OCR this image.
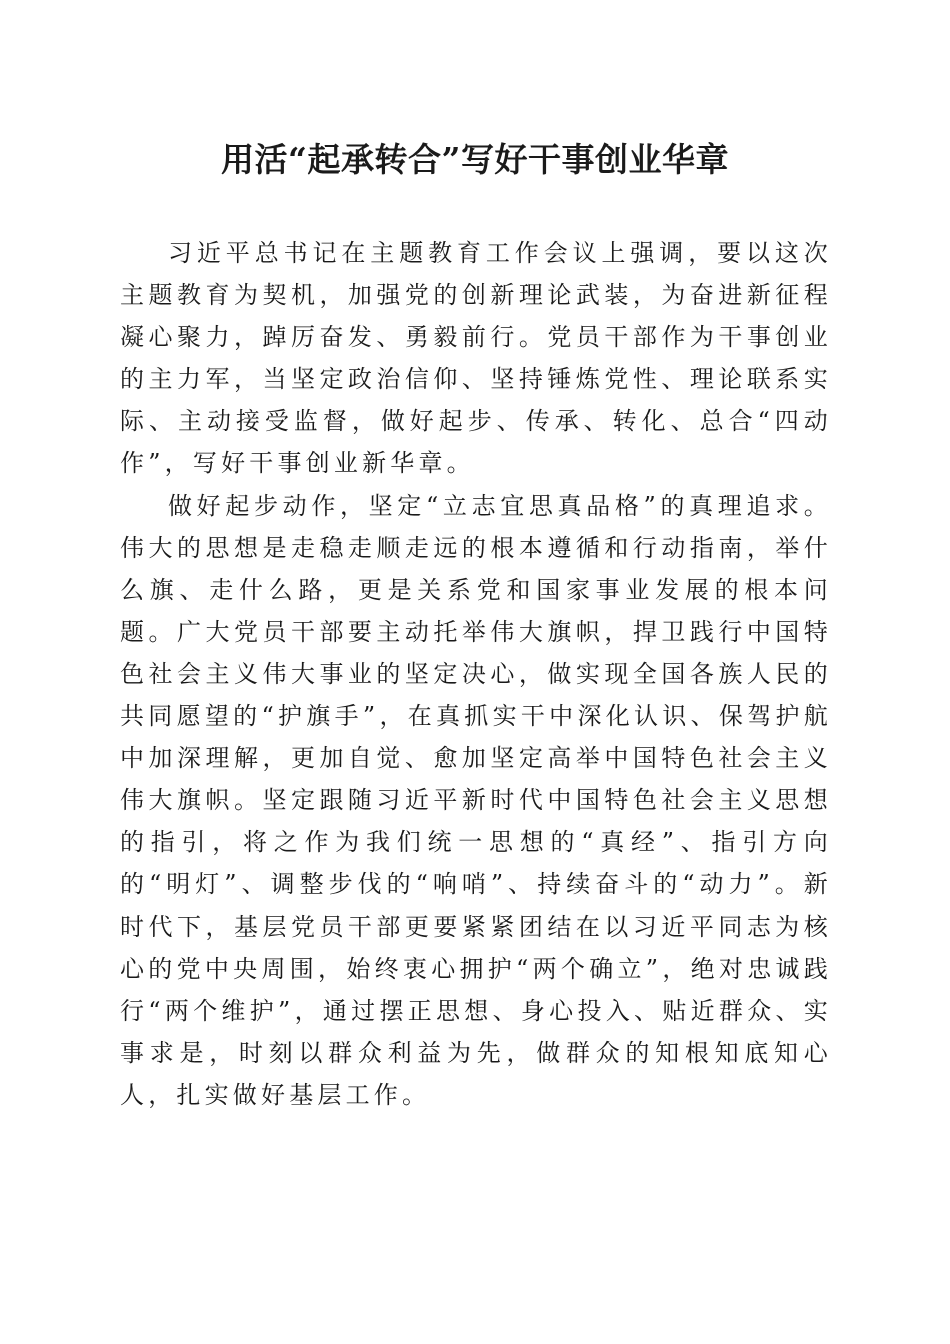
用活“起承转合”写好干事创业华章

习近平总书记在主题教育工作会议上强调，要以这次主题教育为契机，加强党的创新理论武装，为奋进新征程凝心聚力，踔厉奋发、勇毅前行。党员干部作为干事创业的主力军，当坚定政治信仰、坚持锤炼党性、理论联系实际、主动接受监督，做好起步、传承、转化、总合“四动作”，写好干事创业新华章。

做好起步动作，坚定“立志宜思真品格”的真理追求。伟大的思想是走稳走顺走远的根本遵循和行动指南，举什么旗、走什么路，更是关系党和国家事业发展的根本问题。广大党员干部要主动托举伟大旗帜，捍卫践行中国特色社会主义伟大事业的坚定决心，做实现全国各族人民的共同愿望的“护旗手”，在真抓实干中深化认识、保驾护航中加深理解，更加自觉、愈加坚定高举中国特色社会主义伟大旗帜。坚定跟随习近平新时代中国特色社会主义思想的指引，将之作为我们统一思想的“真经”、指引方向的“明灯”、调整步伐的“响哨”、持续奋斗的“动力”。新时代下，基层党员干部更要紧紧团结在以习近平同志为核心的党中央周围，始终衷心拥护“两个确立”，绝对忠诚践行“两个维护”，通过摆正思想、身心投入、贴近群众、实事求是，时刻以群众利益为先，做群众的知根知底知心人，扎实做好基层工作。
